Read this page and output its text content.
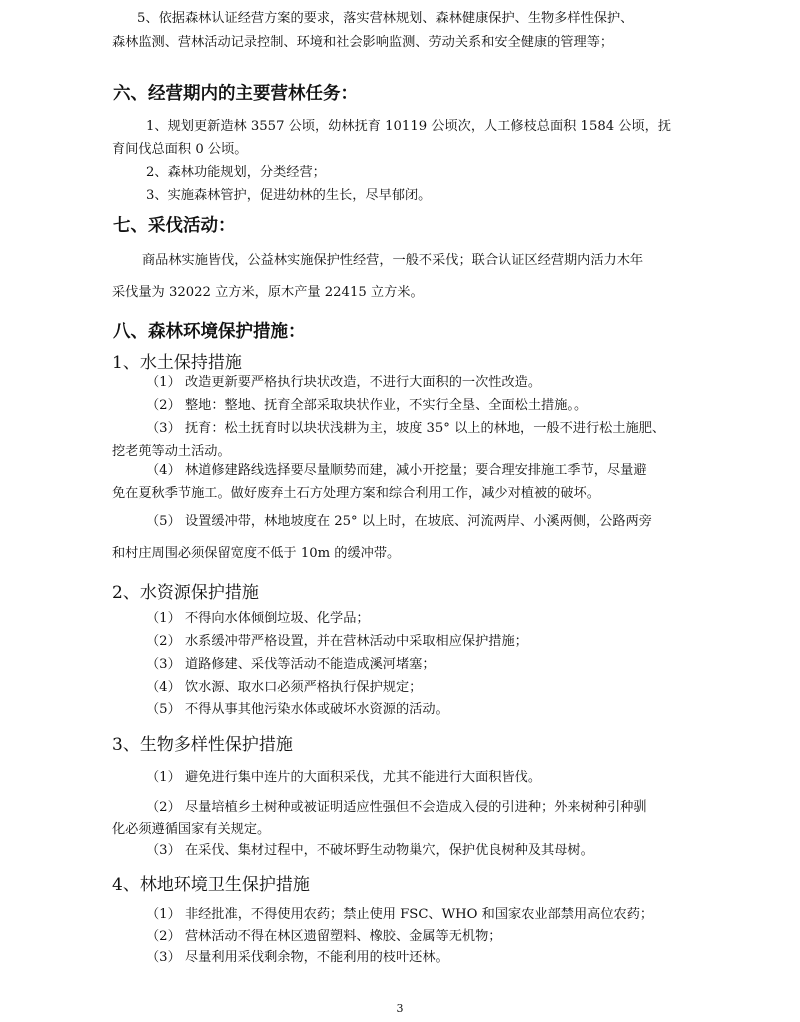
5、依据森林认证经营方案的要求，落实营林规划、森林健康保护、生物多样性保护、

森林监测、营林活动记录控制、环境和社会影响监测、劳动关系和安全健康的管理等；

六、经营期内的主要营林任务：

1、规划更新造林 3557 公顷，幼林抚育 10119 公顷次，人工修枝总面积 1584 公顷，抚

育间伐总面积 0 公顷。

2、森林功能规划，分类经营；

3、实施森林管护，促进幼林的生长，尽早郁闭。

七、采伐活动：

商品林实施皆伐，公益林实施保护性经营，一般不采伐；联合认证区经营期内活力木年

采伐量为 32022 立方米，原木产量 22415 立方米。

八、森林环境保护措施：

1、水土保持措施

（1） 改造更新要严格执行块状改造，不进行大面积的一次性改造。

（2） 整地：整地、抚育全部采取块状作业，不实行全垦、全面松土措施。。

（3） 抚育：松土抚育时以块状浅耕为主，坡度 35° 以上的林地，一般不进行松土施肥、

挖老蔸等动土活动。

（4） 林道修建路线选择要尽量顺势而建，减小开挖量；要合理安排施工季节，尽量避

免在夏秋季节施工。做好废弃土石方处理方案和综合利用工作，减少对植被的破坏。

（5） 设置缓冲带，林地坡度在 25° 以上时，在坡底、河流两岸、小溪两侧，公路两旁

和村庄周围必须保留宽度不低于 10m 的缓冲带。

2、水资源保护措施

（1） 不得向水体倾倒垃圾、化学品；

（2） 水系缓冲带严格设置，并在营林活动中采取相应保护措施；

（3） 道路修建、采伐等活动不能造成溪河堵塞；

（4） 饮水源、取水口必须严格执行保护规定；

（5） 不得从事其他污染水体或破坏水资源的活动。

3、生物多样性保护措施

（1） 避免进行集中连片的大面积采伐，尤其不能进行大面积皆伐。

（2） 尽量培植乡土树种或被证明适应性强但不会造成入侵的引进种；外来树种引种驯

化必须遵循国家有关规定。

（3） 在采伐、集材过程中，不破坏野生动物巢穴，保护优良树种及其母树。

4、林地环境卫生保护措施

（1） 非经批准，不得使用农药；禁止使用 FSC、WHO 和国家农业部禁用高位农药；

（2） 营林活动不得在林区遗留塑料、橡胶、金属等无机物；

（3） 尽量利用采伐剩余物，不能利用的枝叶还林。

3
